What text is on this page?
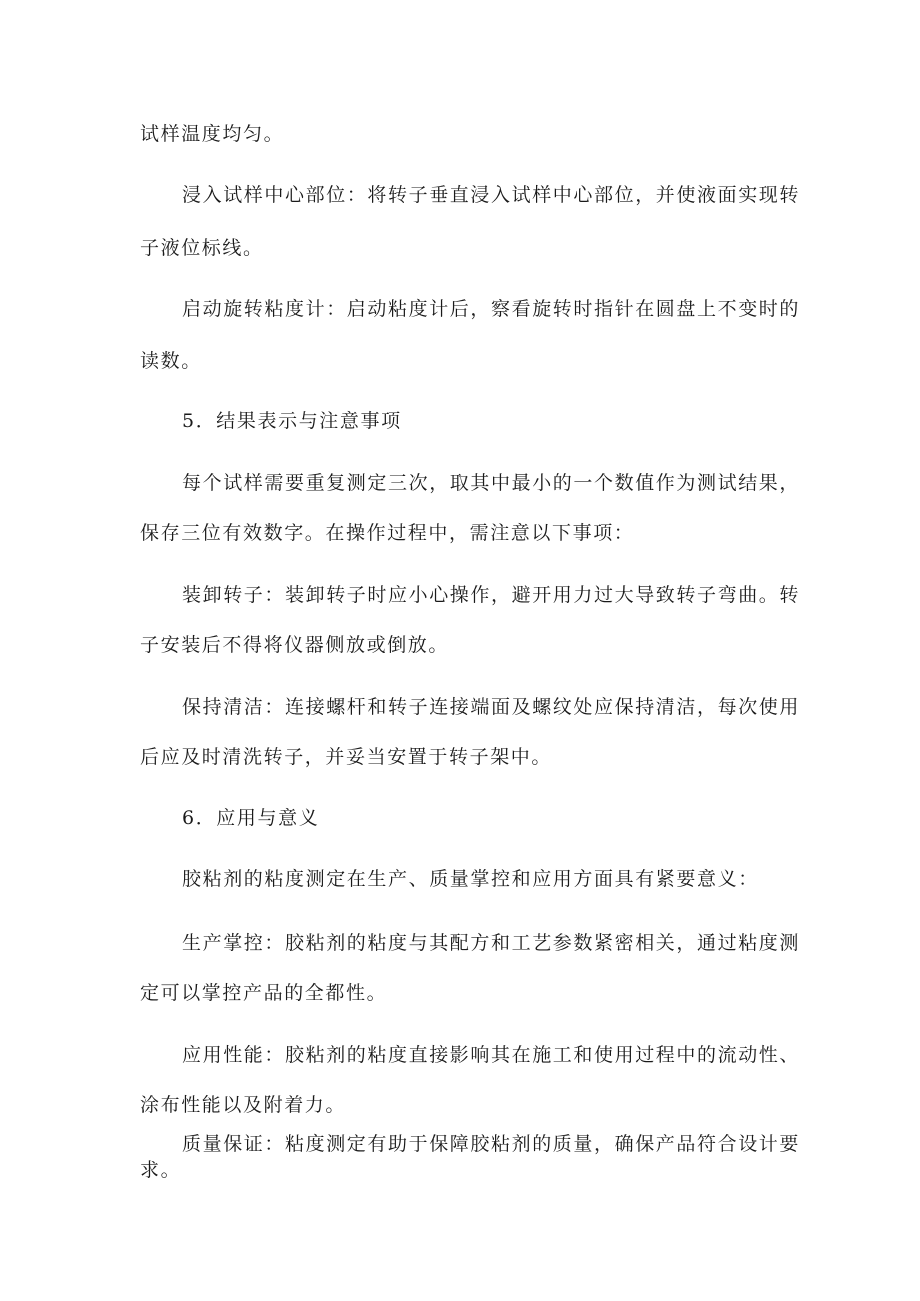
试样温度均匀。

浸入试样中心部位：将转子垂直浸入试样中心部位，并使液面实现转

子液位标线。

启动旋转粘度计：启动粘度计后，察看旋转时指针在圆盘上不变时的

读数。

5．结果表示与注意事项

每个试样需要重复测定三次，取其中最小的一个数值作为测试结果，

保存三位有效数字。在操作过程中，需注意以下事项：

装卸转子：装卸转子时应小心操作，避开用力过大导致转子弯曲。转

子安装后不得将仪器侧放或倒放。

保持清洁：连接螺杆和转子连接端面及螺纹处应保持清洁，每次使用

后应及时清洗转子，并妥当安置于转子架中。

6．应用与意义

胶粘剂的粘度测定在生产、质量掌控和应用方面具有紧要意义：

生产掌控：胶粘剂的粘度与其配方和工艺参数紧密相关，通过粘度测

定可以掌控产品的全都性。

应用性能：胶粘剂的粘度直接影响其在施工和使用过程中的流动性、

涂布性能以及附着力。

质量保证：粘度测定有助于保障胶粘剂的质量，确保产品符合设计要

求。
